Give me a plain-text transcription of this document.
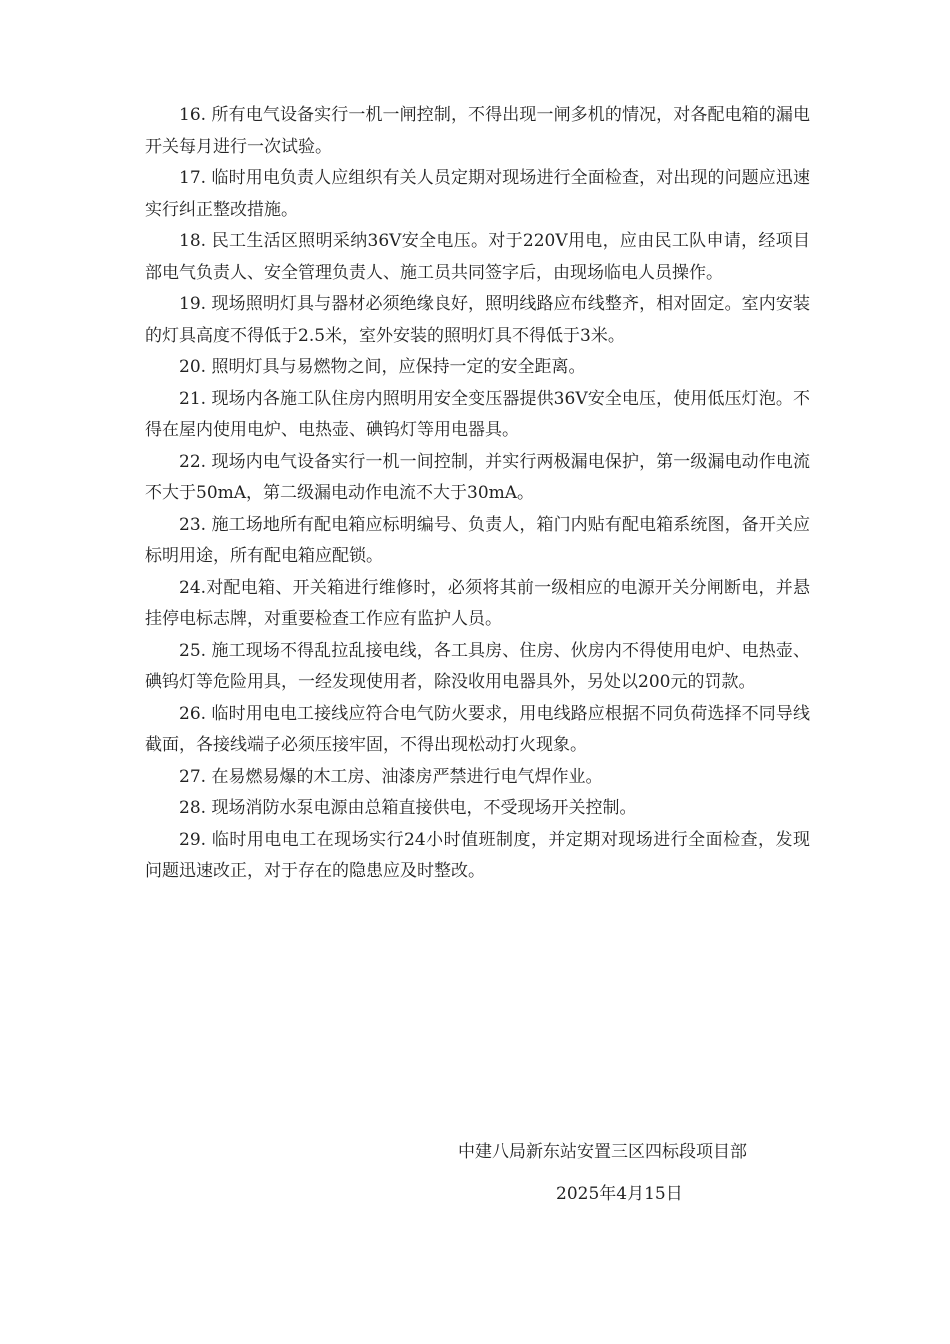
16. 所有电气设备实行一机一闸控制，不得出现一闸多机的情况，对各配电箱的漏电开关每月进行一次试验。

17. 临时用电负责人应组织有关人员定期对现场进行全面检查，对出现的问题应迅速实行纠正整改措施。

18. 民工生活区照明采纳36V安全电压。对于220V用电，应由民工队申请，经项目部电气负责人、安全管理负责人、施工员共同签字后，由现场临电人员操作。

19. 现场照明灯具与器材必须绝缘良好，照明线路应布线整齐，相对固定。室内安装的灯具高度不得低于2.5米，室外安装的照明灯具不得低于3米。

20. 照明灯具与易燃物之间，应保持一定的安全距离。

21. 现场内各施工队住房内照明用安全变压器提供36V安全电压，使用低压灯泡。不得在屋内使用电炉、电热壶、碘钨灯等用电器具。

22. 现场内电气设备实行一机一间控制，并实行两极漏电保护，第一级漏电动作电流不大于50mA，第二级漏电动作电流不大于30mA。

23. 施工场地所有配电箱应标明编号、负责人，箱门内贴有配电箱系统图，备开关应标明用途，所有配电箱应配锁。

24.对配电箱、开关箱进行维修时，必须将其前一级相应的电源开关分闸断电，并悬挂停电标志牌，对重要检查工作应有监护人员。

25. 施工现场不得乱拉乱接电线，各工具房、住房、伙房内不得使用电炉、电热壶、碘钨灯等危险用具，一经发现使用者，除没收用电器具外，另处以200元的罚款。

26. 临时用电电工接线应符合电气防火要求，用电线路应根据不同负荷选择不同导线截面，各接线端子必须压接牢固，不得出现松动打火现象。

27. 在易燃易爆的木工房、油漆房严禁进行电气焊作业。

28. 现场消防水泵电源由总箱直接供电，不受现场开关控制。

29. 临时用电电工在现场实行24小时值班制度，并定期对现场进行全面检查，发现问题迅速改正，对于存在的隐患应及时整改。

中建八局新东站安置三区四标段项目部
2025年4月15日
